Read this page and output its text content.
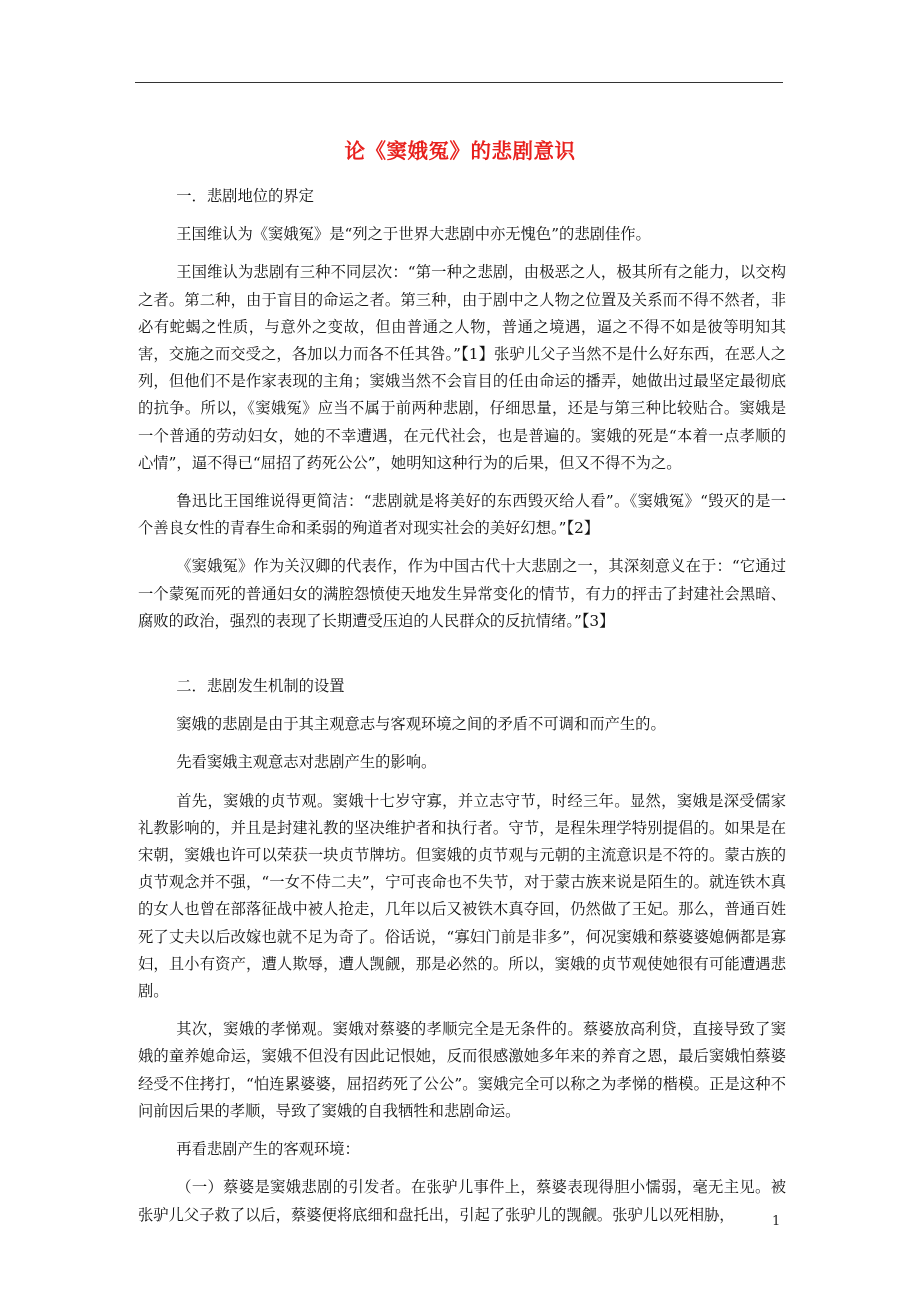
论《窦娥冤》的悲剧意识

一．悲剧地位的界定

王国维认为《窦娥冤》是“列之于世界大悲剧中亦无愧色”的悲剧佳作。

王国维认为悲剧有三种不同层次：“第一种之悲剧，由极恶之人，极其所有之能力，以交构之者。第二种，由于盲目的命运之者。第三种，由于剧中之人物之位置及关系而不得不然者，非必有蛇蝎之性质，与意外之变故，但由普通之人物，普通之境遇，逼之不得不如是彼等明知其害，交施之而交受之，各加以力而各不任其咎。”【1】张驴儿父子当然不是什么好东西，在恶人之列，但他们不是作家表现的主角；窦娥当然不会盲目的任由命运的播弄，她做出过最坚定最彻底的抗争。所以，《窦娥冤》应当不属于前两种悲剧，仔细思量，还是与第三种比较贴合。窦娥是一个普通的劳动妇女，她的不幸遭遇，在元代社会，也是普遍的。窦娥的死是“本着一点孝顺的心情”，逼不得已“屈招了药死公公”，她明知这种行为的后果，但又不得不为之。

鲁迅比王国维说得更简洁：“悲剧就是将美好的东西毁灭给人看”。《窦娥冤》“毁灭的是一个善良女性的青春生命和柔弱的殉道者对现实社会的美好幻想。”【2】

《窦娥冤》作为关汉卿的代表作，作为中国古代十大悲剧之一，其深刻意义在于：“它通过一个蒙冤而死的普通妇女的满腔怨愤使天地发生异常变化的情节，有力的抨击了封建社会黑暗、腐败的政治，强烈的表现了长期遭受压迫的人民群众的反抗情绪。”【3】

二．悲剧发生机制的设置

窦娥的悲剧是由于其主观意志与客观环境之间的矛盾不可调和而产生的。

先看窦娥主观意志对悲剧产生的影响。

首先，窦娥的贞节观。窦娥十七岁守寡，并立志守节，时经三年。显然，窦娥是深受儒家礼教影响的，并且是封建礼教的坚决维护者和执行者。守节，是程朱理学特别提倡的。如果是在宋朝，窦娥也许可以荣获一块贞节牌坊。但窦娥的贞节观与元朝的主流意识是不符的。蒙古族的贞节观念并不强，“一女不侍二夫”，宁可丧命也不失节，对于蒙古族来说是陌生的。就连铁木真的女人也曾在部落征战中被人抢走，几年以后又被铁木真夺回，仍然做了王妃。那么，普通百姓死了丈夫以后改嫁也就不足为奇了。俗话说，“寡妇门前是非多”，何况窦娥和蔡婆婆媳俩都是寡妇，且小有资产，遭人欺辱，遭人觊觎，那是必然的。所以，窦娥的贞节观使她很有可能遭遇悲剧。

其次，窦娥的孝悌观。窦娥对蔡婆的孝顺完全是无条件的。蔡婆放高利贷，直接导致了窦娥的童养媳命运，窦娥不但没有因此记恨她，反而很感激她多年来的养育之恩，最后窦娥怕蔡婆经受不住拷打，“怕连累婆婆，屈招药死了公公”。窦娥完全可以称之为孝悌的楷模。正是这种不问前因后果的孝顺，导致了窦娥的自我牺牲和悲剧命运。

再看悲剧产生的客观环境：

（一）蔡婆是窦娥悲剧的引发者。在张驴儿事件上，蔡婆表现得胆小懦弱，毫无主见。被张驴儿父子救了以后，蔡婆便将底细和盘托出，引起了张驴儿的觊觎。张驴儿以死相胁，	1
